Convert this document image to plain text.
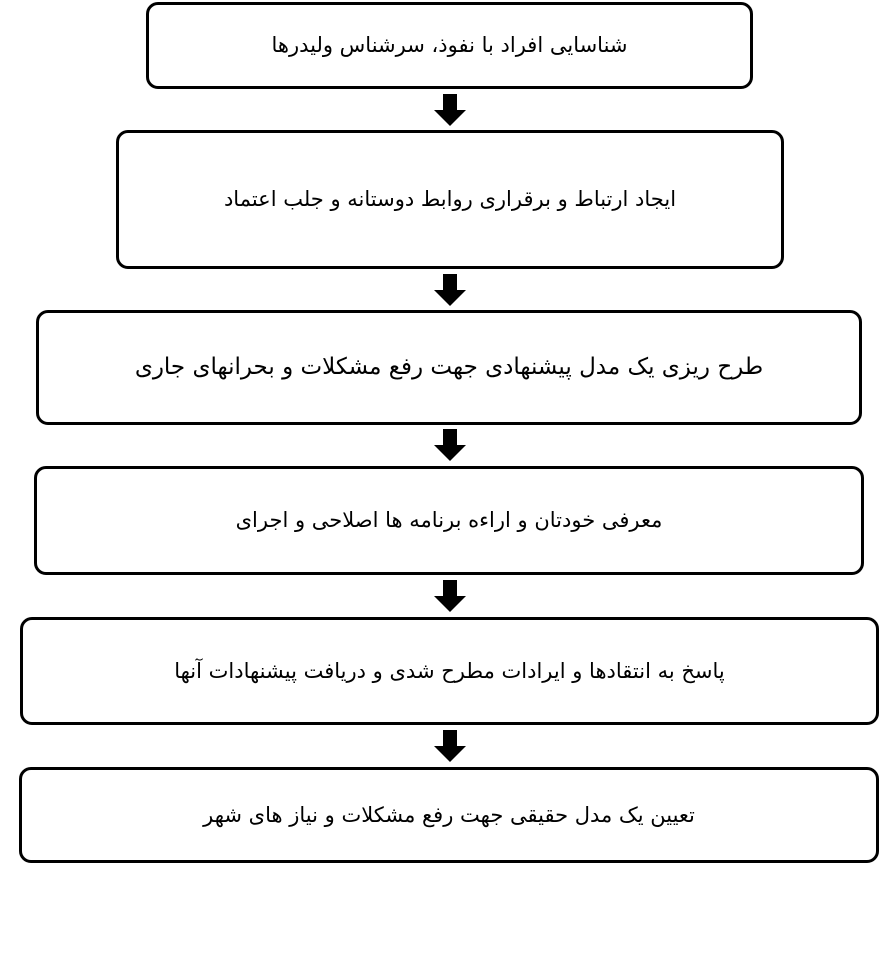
شناسایی افراد با نفوذ، سرشناس ولیدرها
ایجاد ارتباط و برقراری روابط دوستانه و جلب اعتماد
طرح ریزی یک مدل پیشنهادی جهت رفع مشکلات و بحرانهای جاری
معرفی خودتان و اراءه برنامه ها اصلاحی و اجرای
پاسخ به انتقادها و ایرادات مطرح شدی و دریافت پیشنهادات آنها
تعیین یک مدل حقیقی جهت رفع مشکلات و نیاز های شهر
